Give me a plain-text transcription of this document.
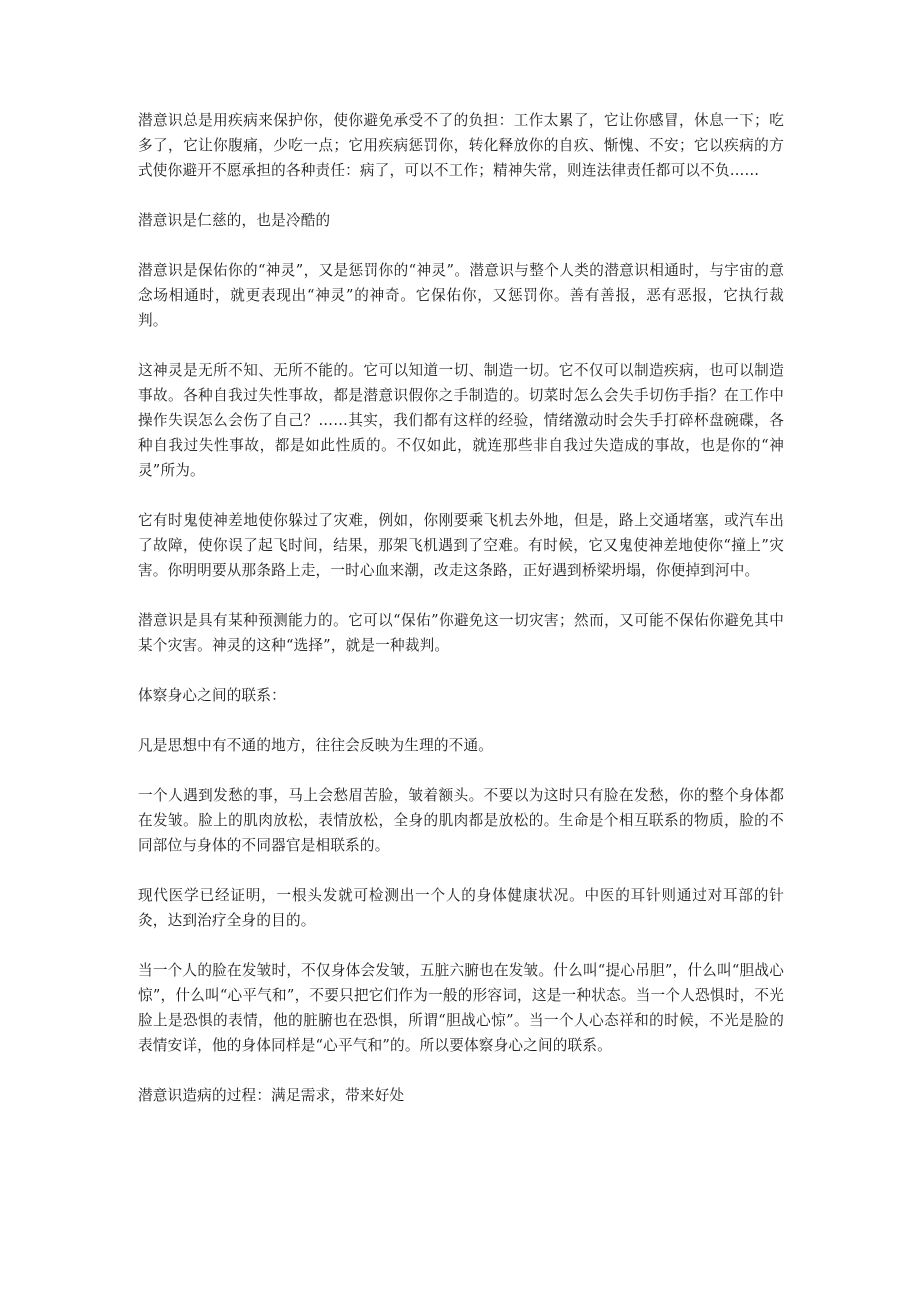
潜意识总是用疾病来保护你，使你避免承受不了的负担：工作太累了，它让你感冒，休息一下；吃多了，它让你腹痛，少吃一点；它用疾病惩罚你，转化释放你的自疚、惭愧、不安；它以疾病的方式使你避开不愿承担的各种责任：病了，可以不工作；精神失常，则连法律责任都可以不负……

潜意识是仁慈的，也是冷酷的

潜意识是保佑你的“神灵”，又是惩罚你的“神灵”。潜意识与整个人类的潜意识相通时，与宇宙的意念场相通时，就更表现出“神灵”的神奇。它保佑你，又惩罚你。善有善报，恶有恶报，它执行裁判。

这神灵是无所不知、无所不能的。它可以知道一切、制造一切。它不仅可以制造疾病，也可以制造事故。各种自我过失性事故，都是潜意识假你之手制造的。切菜时怎么会失手切伤手指？在工作中操作失误怎么会伤了自己？……其实，我们都有这样的经验，情绪激动时会失手打碎杯盘碗碟，各种自我过失性事故，都是如此性质的。不仅如此，就连那些非自我过失造成的事故，也是你的“神灵”所为。

它有时鬼使神差地使你躲过了灾难，例如，你刚要乘飞机去外地，但是，路上交通堵塞，或汽车出了故障，使你误了起飞时间，结果，那架飞机遇到了空难。有时候，它又鬼使神差地使你“撞上”灾害。你明明要从那条路上走，一时心血来潮，改走这条路，正好遇到桥梁坍塌，你便掉到河中。

潜意识是具有某种预测能力的。它可以“保佑”你避免这一切灾害；然而，又可能不保佑你避免其中某个灾害。神灵的这种“选择”，就是一种裁判。

体察身心之间的联系：

凡是思想中有不通的地方，往往会反映为生理的不通。

一个人遇到发愁的事，马上会愁眉苦脸，皱着额头。不要以为这时只有脸在发愁，你的整个身体都在发皱。脸上的肌肉放松，表情放松，全身的肌肉都是放松的。生命是个相互联系的物质，脸的不同部位与身体的不同器官是相联系的。

现代医学已经证明，一根头发就可检测出一个人的身体健康状况。中医的耳针则通过对耳部的针灸，达到治疗全身的目的。

当一个人的脸在发皱时，不仅身体会发皱，五脏六腑也在发皱。什么叫“提心吊胆”，什么叫“胆战心惊”，什么叫“心平气和”，不要只把它们作为一般的形容词，这是一种状态。当一个人恐惧时，不光脸上是恐惧的表情，他的脏腑也在恐惧，所谓“胆战心惊”。当一个人心态祥和的时候，不光是脸的表情安详，他的身体同样是“心平气和”的。所以要体察身心之间的联系。

潜意识造病的过程：满足需求，带来好处
